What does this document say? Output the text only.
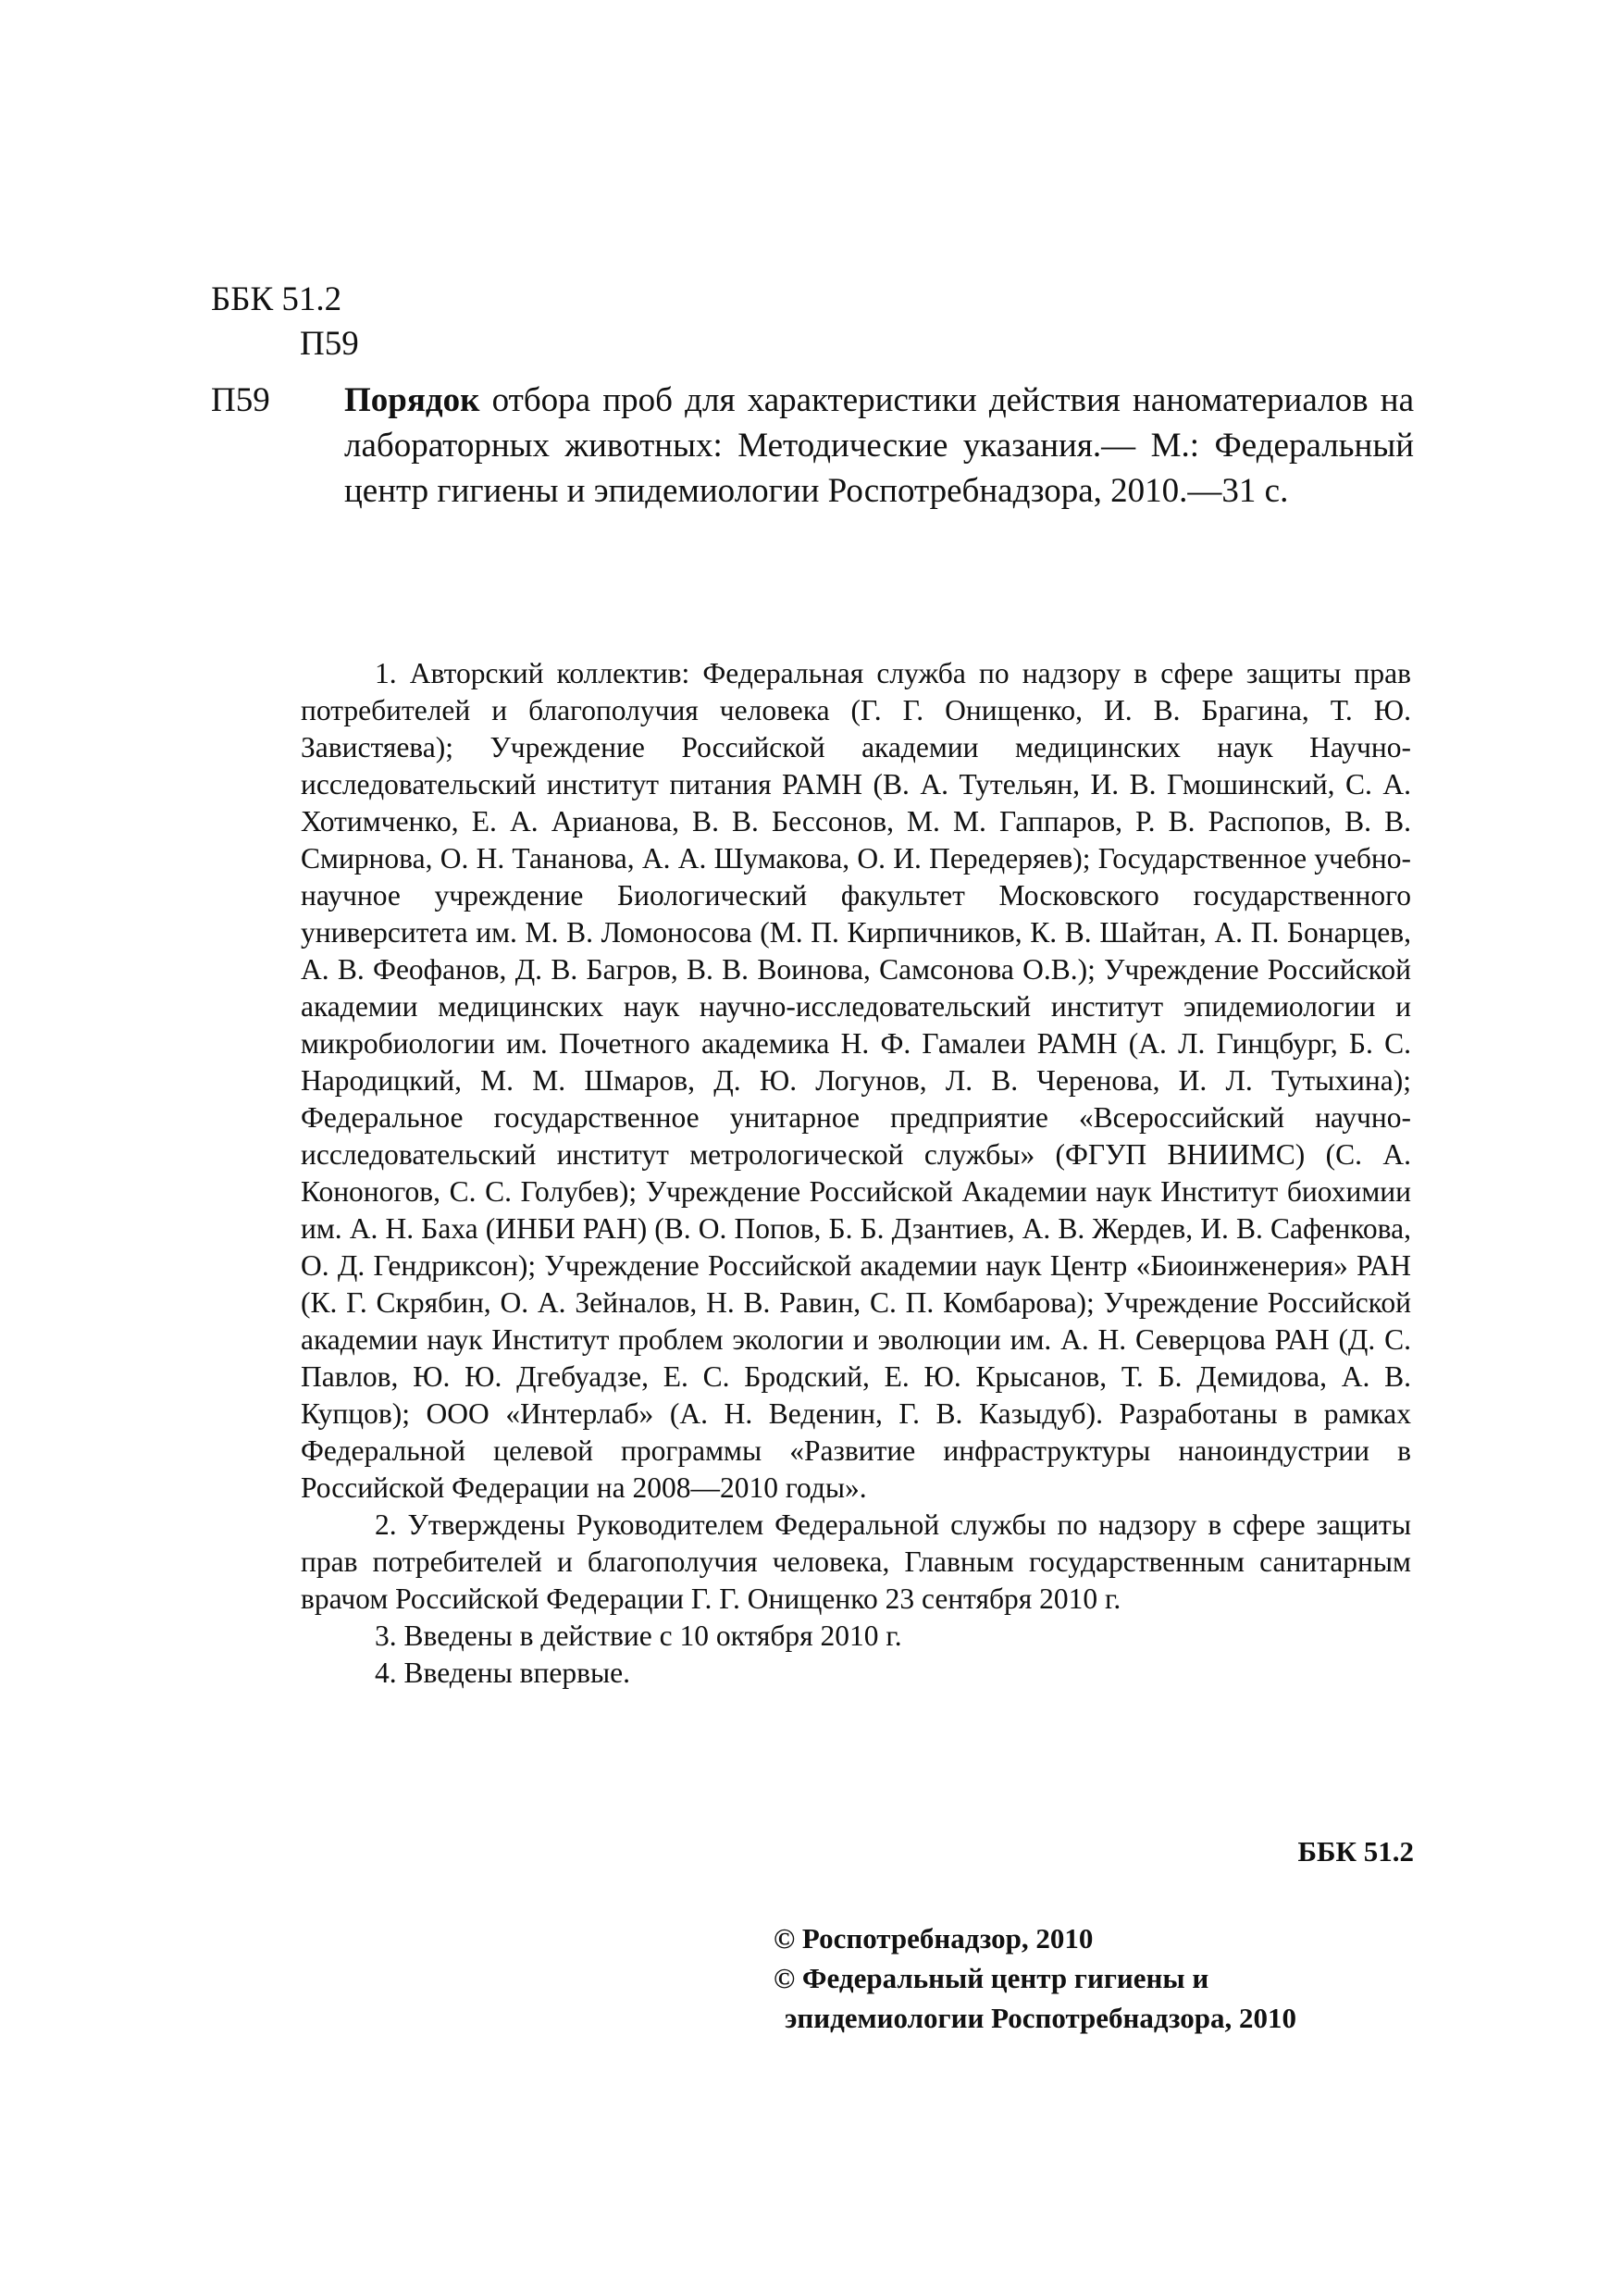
ББК 51.2
П59
П59 Порядок отбора проб для характеристики действия наноматериалов на лабораторных животных: Методические указания.— М.: Федеральный центр гигиены и эпидемиологии Роспотребнадзора, 2010.—31 с.

1. Авторский коллектив: Федеральная служба по надзору в сфере защиты прав потребителей и благополучия человека (Г. Г. Онищенко, И. В. Брагина, Т. Ю. Завистяева); Учреждение Российской академии медицинских наук Научно-исследовательский институт питания РАМН (В. А. Тутельян, И. В. Гмошинский, С. А. Хотимченко, Е. А. Арианова, В. В. Бессонов, М. М. Гаппаров, Р. В. Распопов, В. В. Смирнова, О. Н. Тананова, А. А. Шумакова, О. И. Передеряев); Государственное учебно-научное учреждение Биологический факультет Московского государственного университета им. М. В. Ломоносова (М. П. Кирпичников, К. В. Шайтан, А. П. Бонарцев, А. В. Феофанов, Д. В. Багров, В. В. Воинова, Самсонова О.В.); Учреждение Российской академии медицинских наук научно-исследовательский институт эпидемиологии и микробиологии им. Почетного академика Н. Ф. Гамалеи РАМН (А. Л. Гинцбург, Б. С. Народицкий, М. М. Шмаров, Д. Ю. Логунов, Л. В. Черенова, И. Л. Тутыхина); Федеральное государственное унитарное предприятие «Всероссийский научно-исследовательский институт метрологической службы» (ФГУП ВНИИМС) (С. А. Кононогов, С. С. Голубев); Учреждение Российской Академии наук Институт биохимии им. А. Н. Баха (ИНБИ РАН) (В. О. Попов, Б. Б. Дзантиев, А. В. Жердев, И. В. Сафенкова, О. Д. Гендриксон); Учреждение Российской академии наук Центр «Биоинженерия» РАН (К. Г. Скрябин, О. А. Зейналов, Н. В. Равин, С. П. Комбарова); Учреждение Российской академии наук Институт проблем экологии и эволюции им. А. Н. Северцова РАН (Д. С. Павлов, Ю. Ю. Дгебуадзе, Е. С. Бродский, Е. Ю. Крысанов, Т. Б. Демидова, А. В. Купцов); ООО «Интерлаб» (А. Н. Веденин, Г. В. Казыдуб). Разработаны в рамках Федеральной целевой программы «Развитие инфраструктуры наноиндустрии в Российской Федерации на 2008—2010 годы».

2. Утверждены Руководителем Федеральной службы по надзору в сфере защиты прав потребителей и благополучия человека, Главным государственным санитарным врачом Российской Федерации Г. Г. Онищенко 23 сентября 2010 г.

3. Введены в действие с 10 октября 2010 г.

4. Введены впервые.

ББК 51.2
© Роспотребнадзор, 2010
© Федеральный центр гигиены и
эпидемиологии Роспотребнадзора, 2010
